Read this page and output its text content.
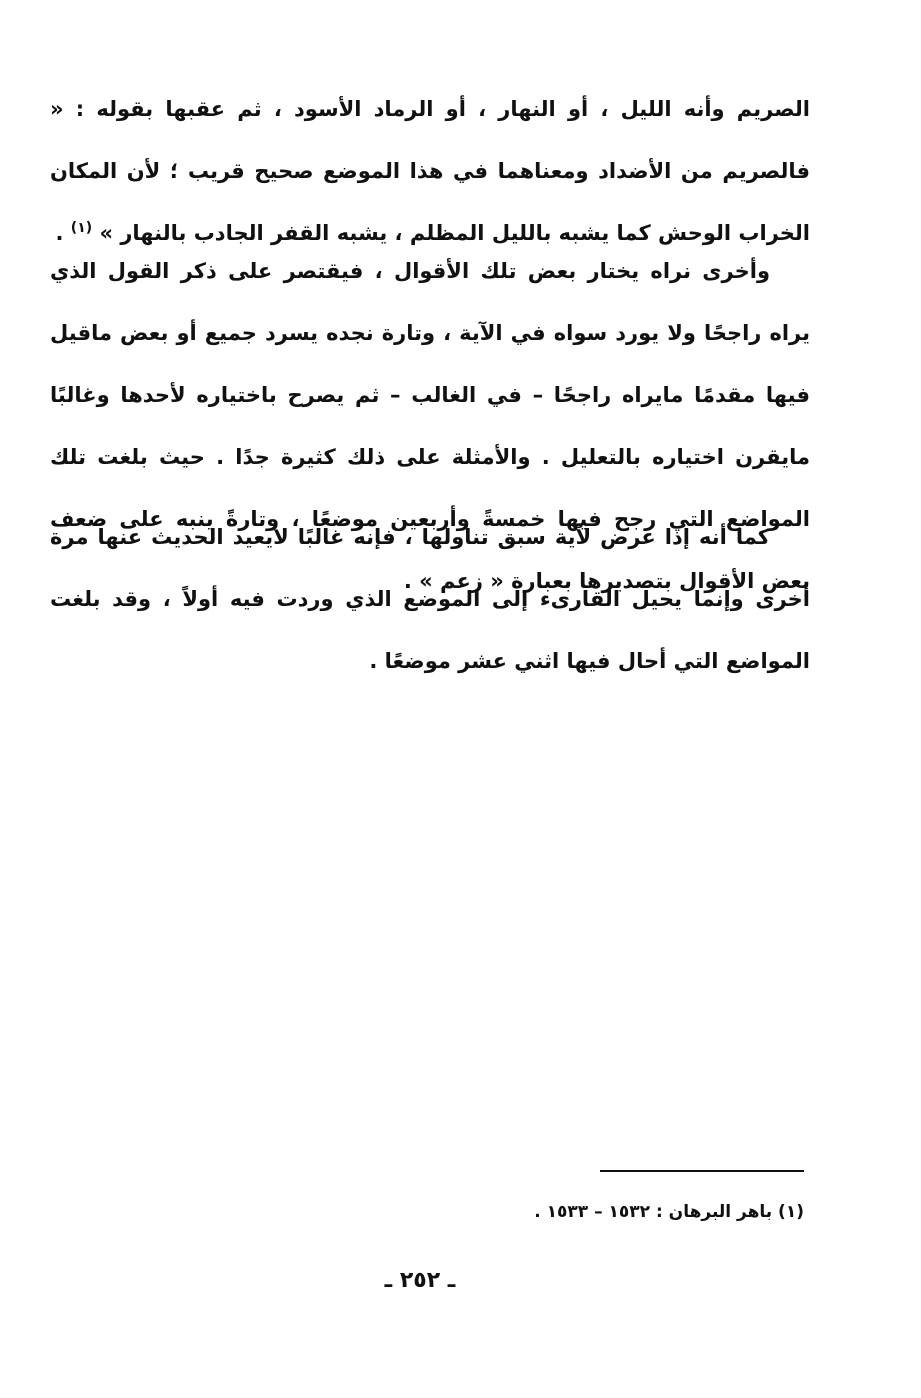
الصريم وأنه الليل ، أو النهار ، أو الرماد الأسود ، ثم عقبها بقوله : « فالصريم من الأضداد ومعناهما في هذا الموضع صحيح قريب ؛ لأن المكان الخراب الوحش كما يشبه بالليل المظلم ، يشبه القفر الجادب بالنهار » $^{(١)}$ .

وأخرى نراه يختار بعض تلك الأقوال ، فيقتصر على ذكر القول الذي يراه راجحًا ولا يورد سواه في الآية ، وتارة نجده يسرد جميع أو بعض ماقيل فيها مقدمًا مايراه راجحًا – في الغالب – ثم يصرح باختياره لأحدها وغالبًا مايقرن اختياره بالتعليل . والأمثلة على ذلك كثيرة جدًا . حيث بلغت تلك المواضع التي رجح فيها خمسةً وأربعين موضعًا ، وتارةً ينبه على ضعف بعض الأقوال بتصديرها بعبارة « زعم » .

كما أنه إذا عرض لآية سبق تناولها ، فإنه غالبًا لايعيد الحديث عنها مرة أخرى وإنما يحيل القارىء إلى الموضع الذي وردت فيه أولاً ، وقد بلغت المواضع التي أحال فيها اثني عشر موضعًا .

(١) باهر البرهان : ١٥٣٢ – ١٥٣٣ .
ـ ٢٥٢ ـ
